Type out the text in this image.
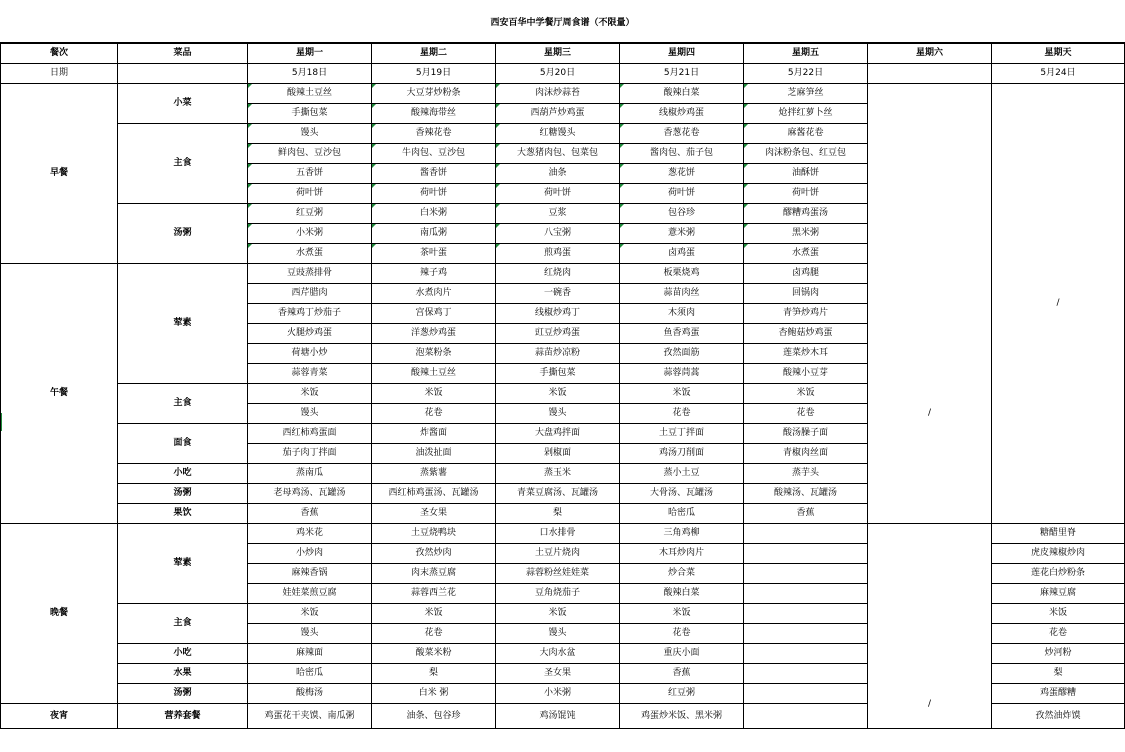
西安百华中学餐厅周食谱（不限量）
餐次	菜品	星期一	星期二	星期三	星期四	星期五	星期六	星期天
日期		5月18日	5月19日	5月20日	5月21日	5月22日		5月24日
早餐	小菜	酸辣土豆丝	大豆芽炒粉条	肉沫炒蒜苔	酸辣白菜	芝麻笋丝	/	/
		手撕包菜	酸辣海带丝	西葫芦炒鸡蛋	线椒炒鸡蛋	炝拌红萝卜丝		
	主食	馒头	香辣花卷	红糖馒头	香葱花卷	麻酱花卷		
		鲜肉包、豆沙包	牛肉包、豆沙包	大葱猪肉包、包菜包	酱肉包、茄子包	肉沫粉条包、红豆包		
		五香饼	酱香饼	油条	葱花饼	油酥饼		
		荷叶饼	荷叶饼	荷叶饼	荷叶饼	荷叶饼		
	汤粥	红豆粥	白米粥	豆浆	包谷珍	醪糟鸡蛋汤		
		小米粥	南瓜粥	八宝粥	薏米粥	黑米粥		
		水煮蛋	茶叶蛋	煎鸡蛋	卤鸡蛋	水煮蛋		
午餐	荤素	豆豉蒸排骨	辣子鸡	红烧肉	板栗烧鸡	卤鸡腿		
		西芹腊肉	水煮肉片	一碗香	蒜苗肉丝	回锅肉		
		香辣鸡丁炒茄子	宫保鸡丁	线椒炒鸡丁	木须肉	青笋炒鸡片		
		火腿炒鸡蛋	洋葱炒鸡蛋	豇豆炒鸡蛋	鱼香鸡蛋	杏鲍菇炒鸡蛋		
		荷塘小炒	泡菜粉条	蒜苗炒凉粉	孜然面筋	莲菜炒木耳		
		蒜蓉青菜	酸辣土豆丝	手撕包菜	蒜蓉茼蒿	酸辣小豆芽		
	主食	米饭	米饭	米饭	米饭	米饭		
		馒头	花卷	馒头	花卷	花卷		
	面食	西红柿鸡蛋面	炸酱面	大盘鸡拌面	土豆丁拌面	酸汤臊子面		
		茄子肉丁拌面	油泼扯面	剁椒面	鸡汤刀削面	青椒肉丝面		
	小吃	蒸南瓜	蒸紫薯	蒸玉米	蒸小土豆	蒸芋头		
	汤粥	老母鸡汤、瓦罐汤	西红柿鸡蛋汤、瓦罐汤	青菜豆腐汤、瓦罐汤	大骨汤、瓦罐汤	酸辣汤、瓦罐汤		
	果饮	香蕉	圣女果	梨	哈密瓜	香蕉		
晚餐	荤素	鸡米花	土豆烧鸭块	口水排骨	三角鸡柳		/	糖醋里脊
		小炒肉	孜然炒肉	土豆片烧肉	木耳炒肉片			虎皮辣椒炒肉
		麻辣香锅	肉末蒸豆腐	蒜蓉粉丝娃娃菜	炒合菜			莲花白炒粉条
		娃娃菜煎豆腐	蒜蓉西兰花	豆角烧茄子	酸辣白菜			麻辣豆腐
	主食	米饭	米饭	米饭	米饭			米饭
		馒头	花卷	馒头	花卷			花卷
	小吃	麻辣面	酸菜米粉	大肉水盆	重庆小面			炒河粉
	水果	哈密瓜	梨	圣女果	香蕉			梨
	汤粥	酸梅汤	白米 粥	小米粥	红豆粥			鸡蛋醪糟
夜宵	营养套餐	鸡蛋花干夹馍、南瓜粥	油条、包谷珍	鸡汤馄饨	鸡蛋炒米饭、黑米粥			孜然油炸馍
